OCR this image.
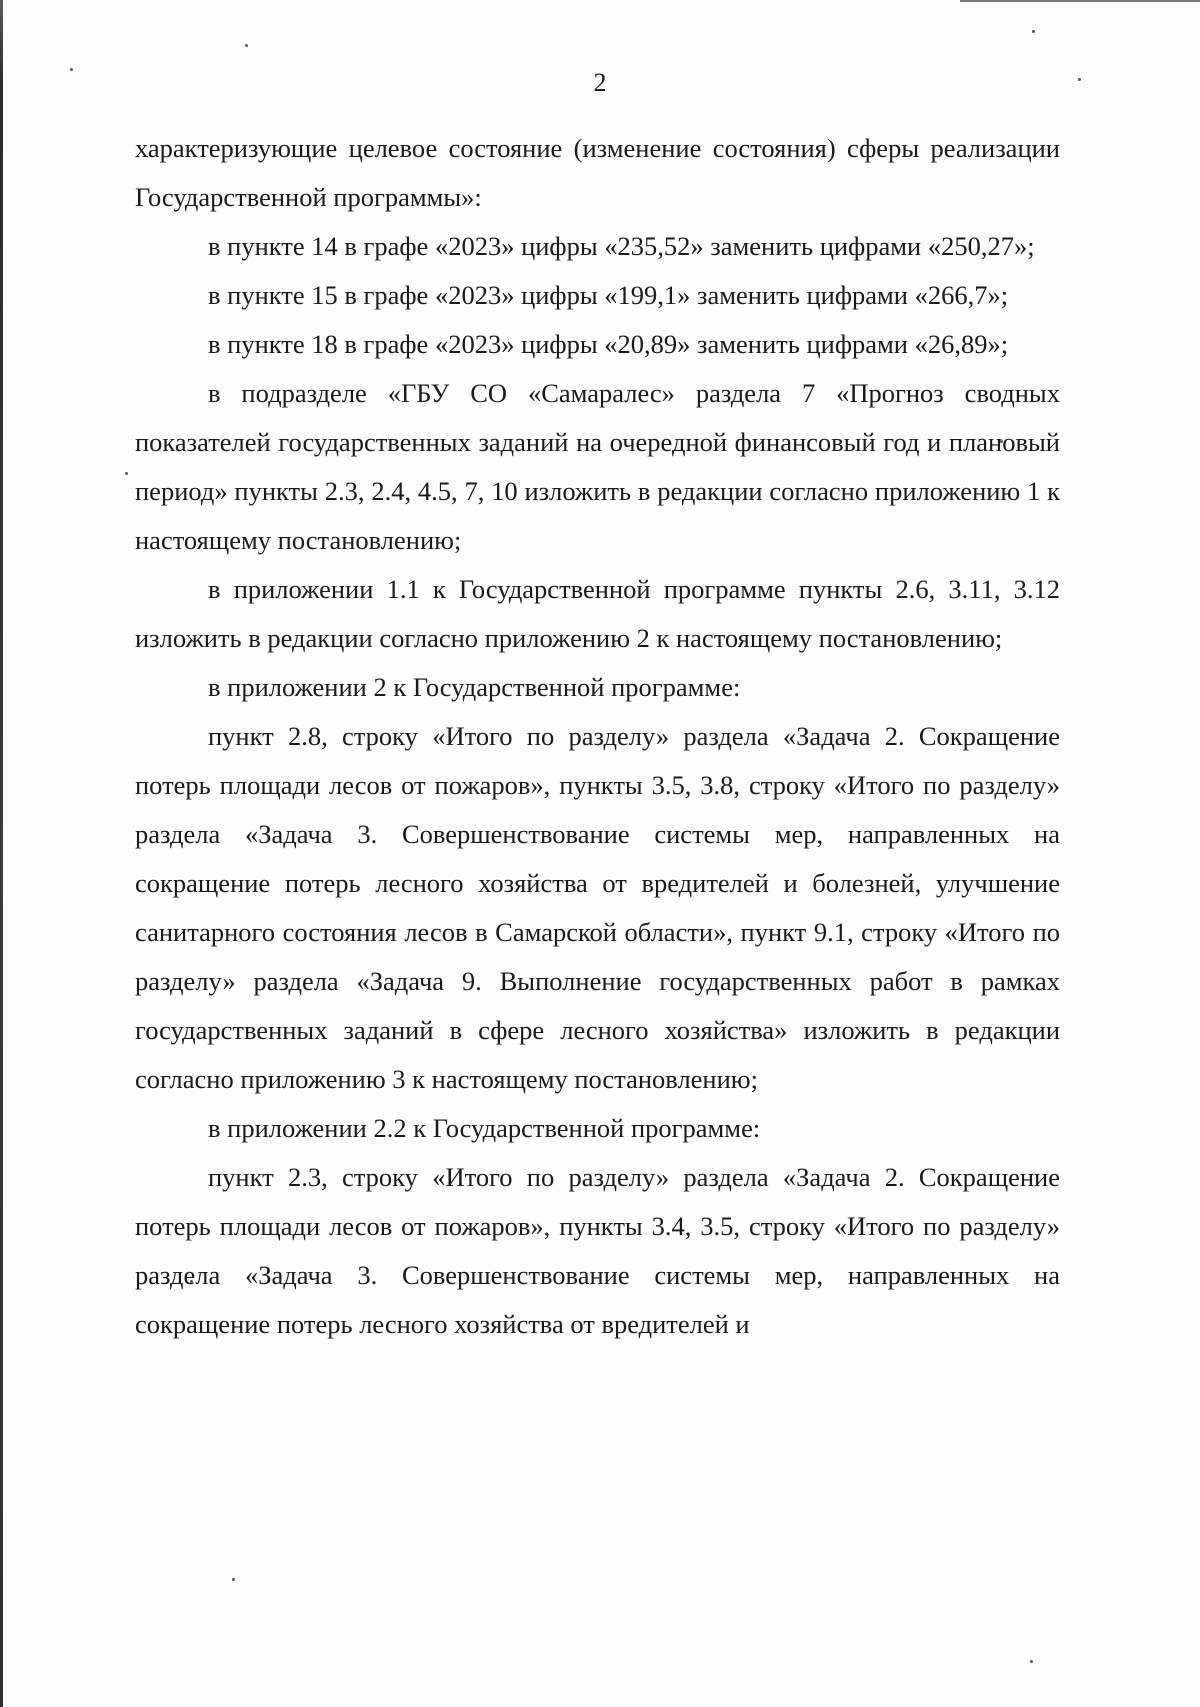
2

характеризующие целевое состояние (изменение состояния) сферы реализации Государственной программы»:

в пункте 14 в графе «2023» цифры «235,52» заменить цифрами «250,27»;

в пункте 15 в графе «2023» цифры «199,1» заменить цифрами «266,7»;

в пункте 18 в графе «2023» цифры «20,89» заменить цифрами «26,89»;

в подразделе «ГБУ СО «Самаралес» раздела 7 «Прогноз сводных показателей государственных заданий на очередной финансовый год и плановый период» пункты 2.3, 2.4, 4.5, 7, 10 изложить в редакции согласно приложению 1 к настоящему постановлению;

в приложении 1.1 к Государственной программе пункты 2.6, 3.11, 3.12 изложить в редакции согласно приложению 2 к настоящему постановлению;

в приложении 2 к Государственной программе:

пункт 2.8, строку «Итого по разделу» раздела «Задача 2. Сокращение потерь площади лесов от пожаров», пункты 3.5, 3.8, строку «Итого по разделу» раздела «Задача 3. Совершенствование системы мер, направленных на сокращение потерь лесного хозяйства от вредителей и болезней, улучшение санитарного состояния лесов в Самарской области», пункт 9.1, строку «Итого по разделу» раздела «Задача 9. Выполнение государственных работ в рамках государственных заданий в сфере лесного хозяйства» изложить в редакции согласно приложению 3 к настоящему постановлению;

в приложении 2.2 к Государственной программе:

пункт 2.3, строку «Итого по разделу» раздела «Задача 2. Сокращение потерь площади лесов от пожаров», пункты 3.4, 3.5, строку «Итого по разделу» раздела «Задача 3. Совершенствование системы мер, направленных на сокращение потерь лесного хозяйства от вредителей и
